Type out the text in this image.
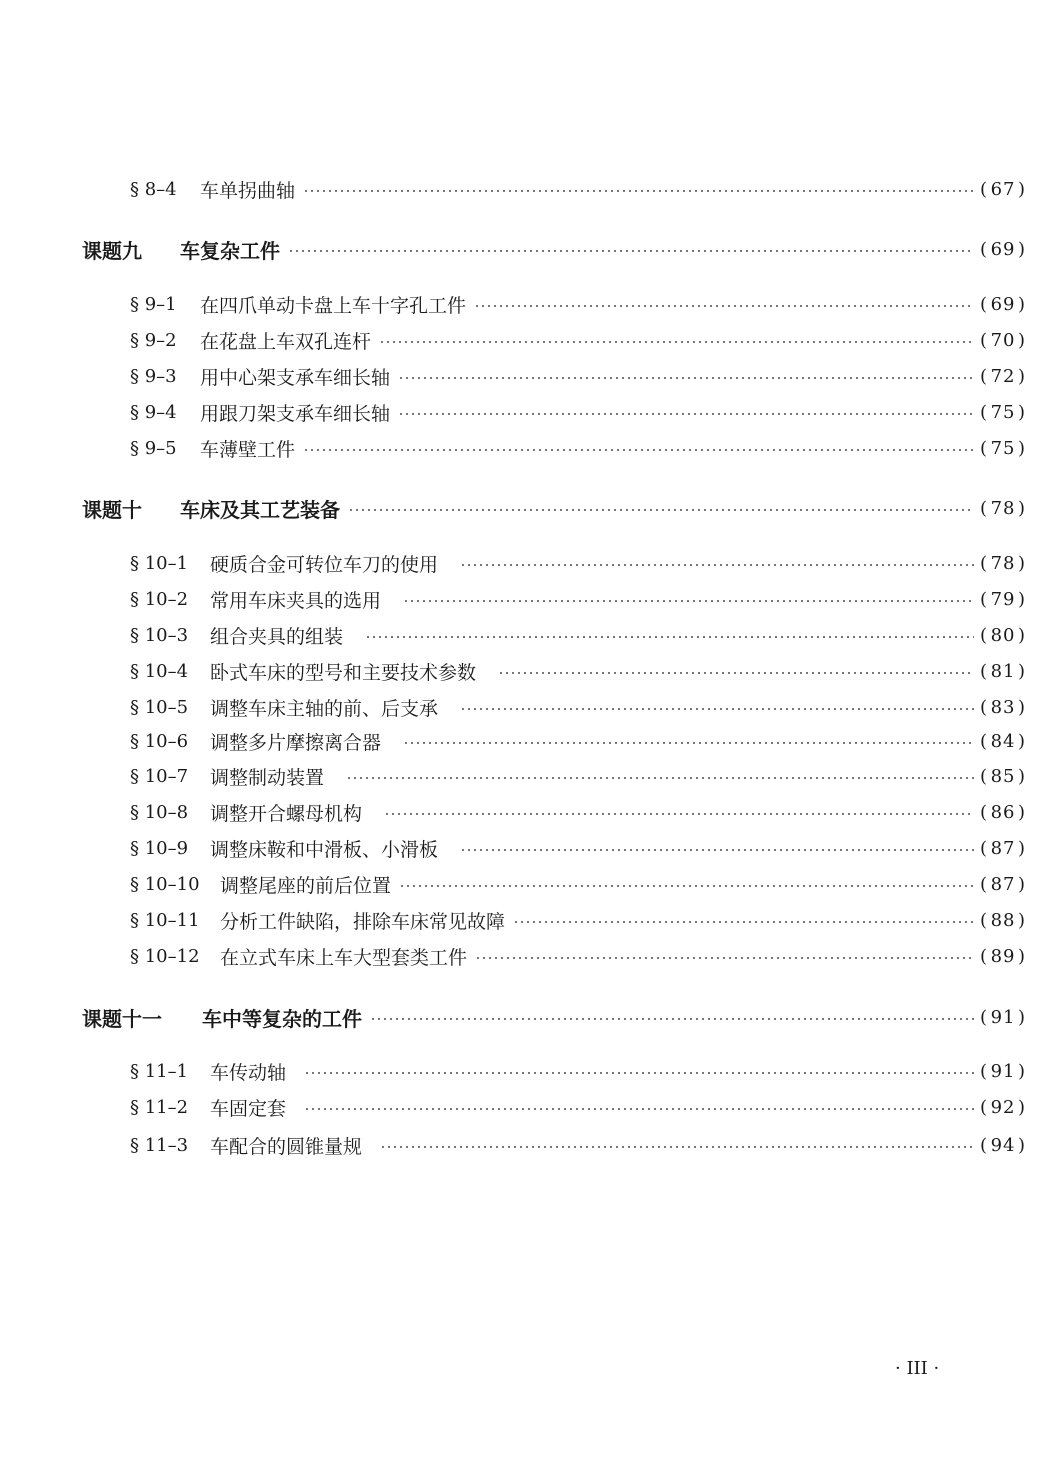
§ 8–4	车单拐曲轴	( 67 )
课题九	车复杂工件	( 69 )
§ 9–1	在四爪单动卡盘上车十字孔工件	( 69 )
§ 9–2	在花盘上车双孔连杆	( 70 )
§ 9–3	用中心架支承车细长轴	( 72 )
§ 9–4	用跟刀架支承车细长轴	( 75 )
§ 9–5	车薄壁工件	( 75 )
课题十	车床及其工艺装备	( 78 )
§ 10–1	硬质合金可转位车刀的使用	( 78 )
§ 10–2	常用车床夹具的选用	( 79 )
§ 10–3	组合夹具的组装	( 80 )
§ 10–4	卧式车床的型号和主要技术参数	( 81 )
§ 10–5	调整车床主轴的前、后支承	( 83 )
§ 10–6	调整多片摩擦离合器	( 84 )
§ 10–7	调整制动装置	( 85 )
§ 10–8	调整开合螺母机构	( 86 )
§ 10–9	调整床鞍和中滑板、小滑板	( 87 )
§ 10–10	调整尾座的前后位置	( 87 )
§ 10–11	分析工件缺陷，排除车床常见故障	( 88 )
§ 10–12	在立式车床上车大型套类工件	( 89 )
课题十一	车中等复杂的工件	( 91 )
§ 11–1	车传动轴	( 91 )
§ 11–2	车固定套	( 92 )
§ 11–3	车配合的圆锥量规	( 94 )
· III ·
